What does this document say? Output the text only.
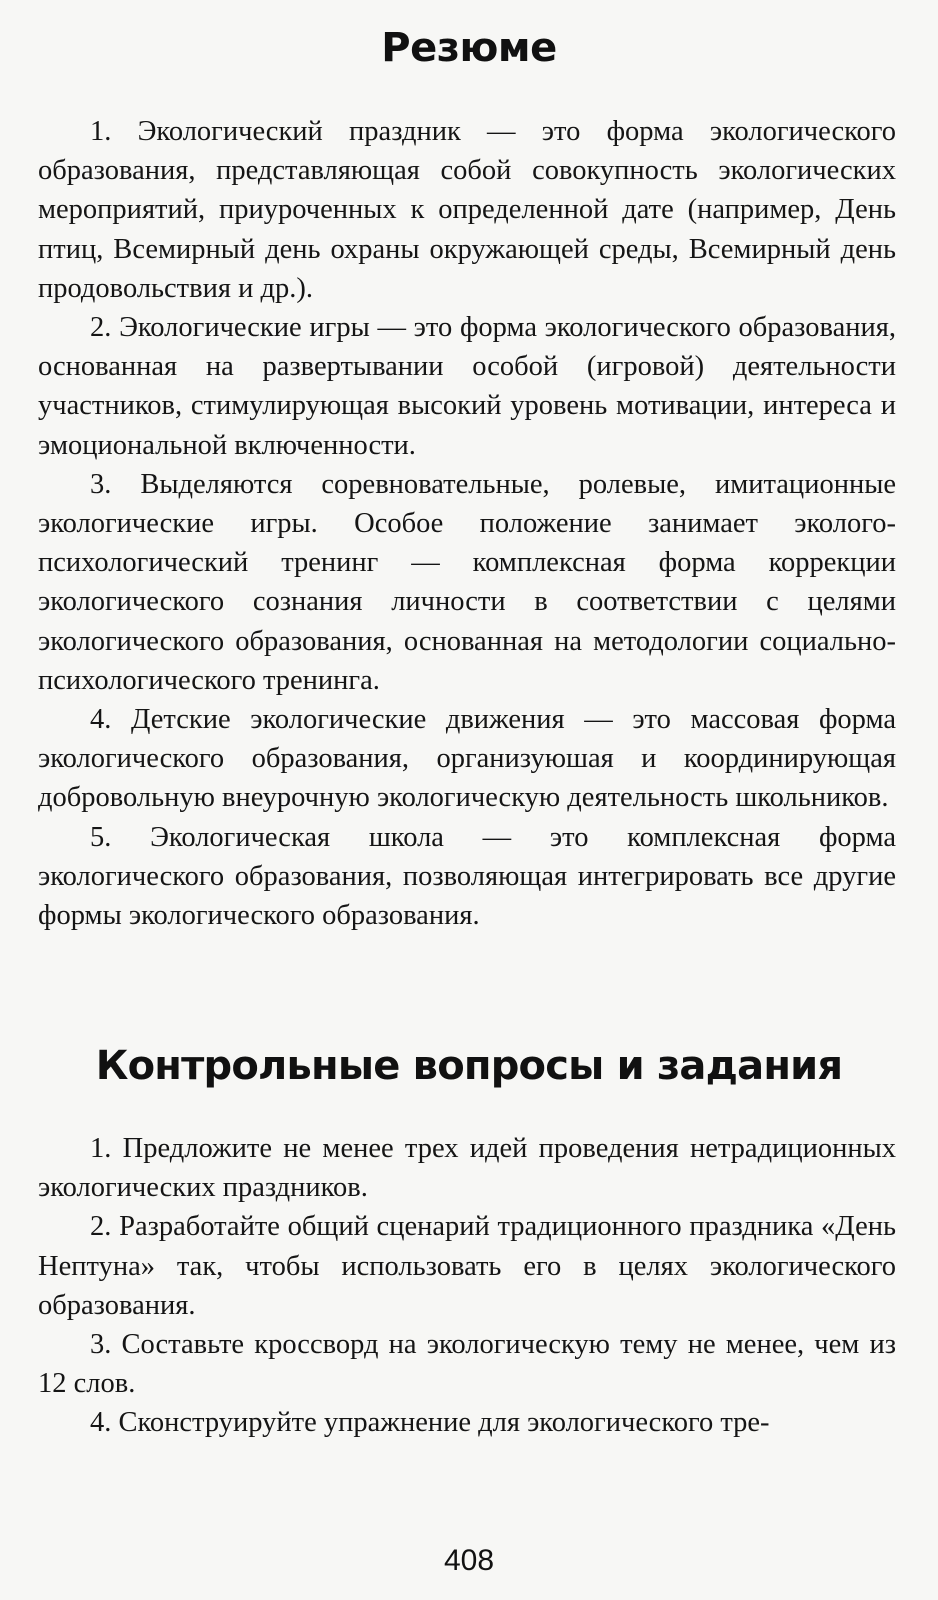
Резюме

1. Экологический праздник — это форма экологического образования, представляющая собой совокупность экологических мероприятий, приуроченных к определенной дате (например, День птиц, Всемирный день охраны окружающей среды, Всемирный день продовольствия и др.).

2. Экологические игры — это форма экологического образования, основанная на развертывании особой (игровой) деятельности участников, стимулирующая высокий уровень мотивации, интереса и эмоциональной включенности.

3. Выделяются соревновательные, ролевые, имитационные экологические игры. Особое положение занимает эколого-психологический тренинг — комплексная форма коррекции экологического сознания личности в соответствии с целями экологического образования, основанная на методологии социально-психологического тренинга.

4. Детские экологические движения — это массовая форма экологического образования, организуюшая и координирующая добровольную внеурочную экологическую деятельность школьников.

5. Экологическая школа — это комплексная форма экологического образования, позволяющая интегрировать все другие формы экологического образования.

Контрольные вопросы и задания

1. Предложите не менее трех идей проведения нетрадиционных экологических праздников.

2. Разработайте общий сценарий традиционного праздника «День Нептуна» так, чтобы использовать его в целях экологического образования.

3. Составьте кроссворд на экологическую тему не менее, чем из 12 слов.

4. Сконструируйте упражнение для экологического тре-

408
